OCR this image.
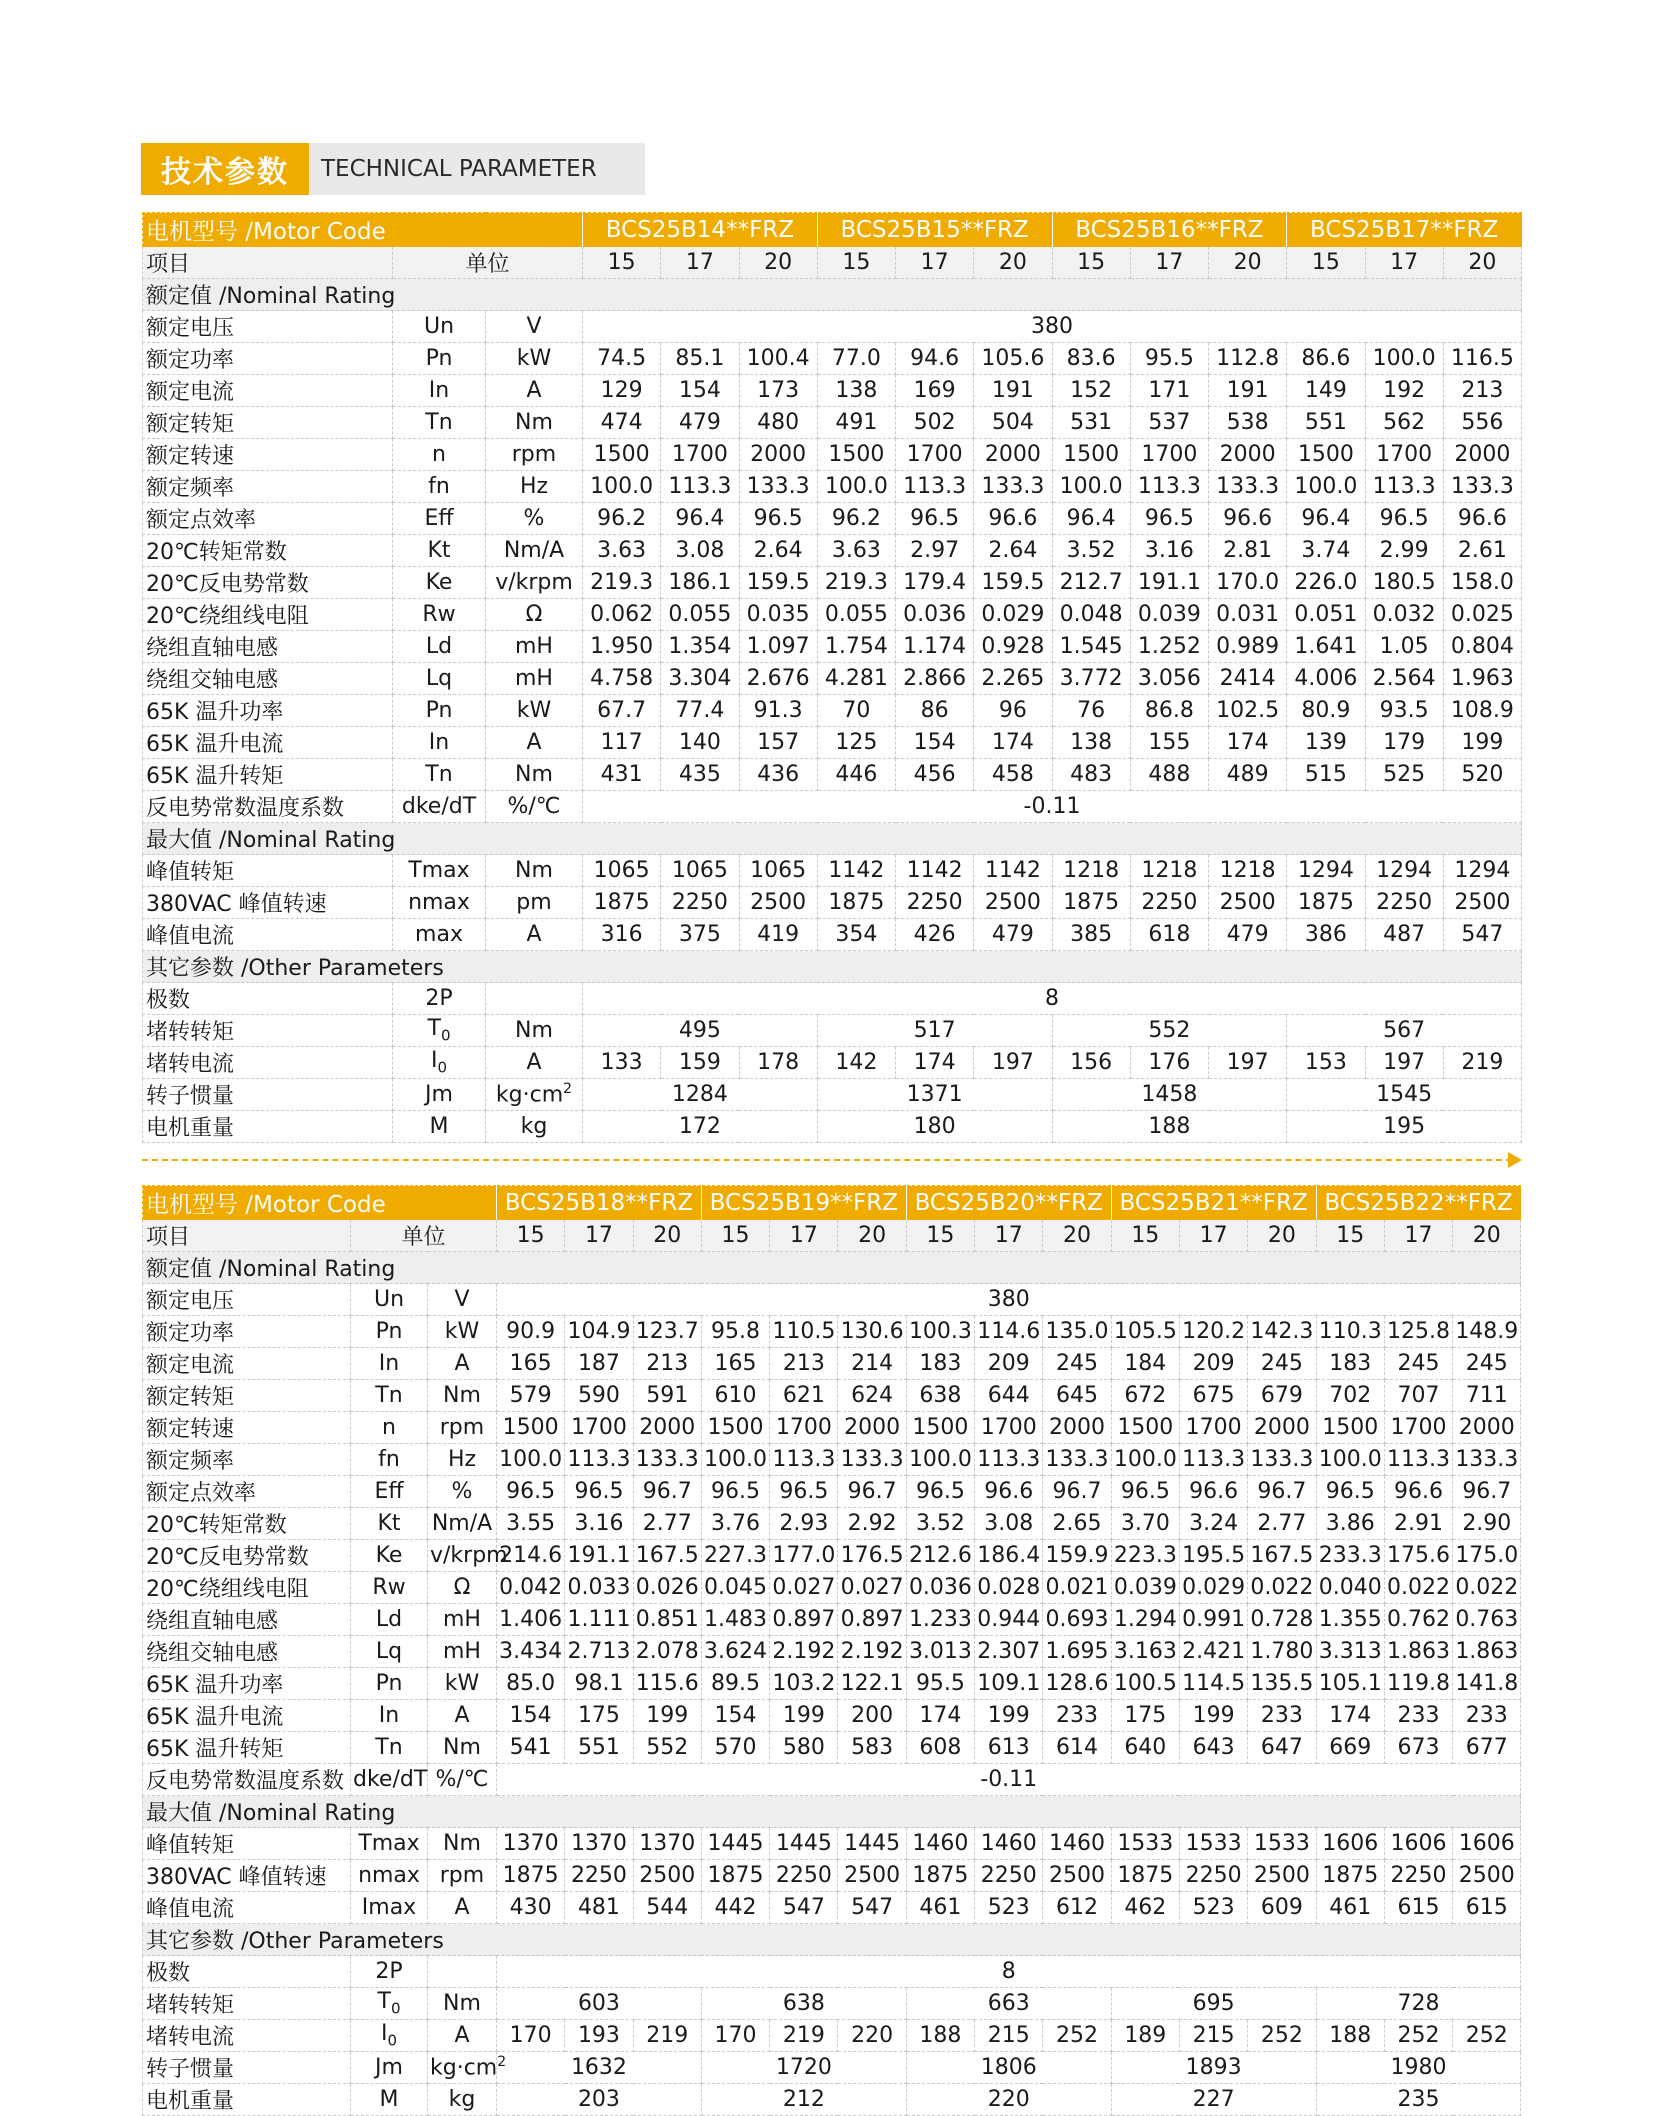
技术参数	TECHNICAL PARAMETER
电机型号 /Motor Code			BCS25B14**FRZ			BCS25B15**FRZ			BCS25B16**FRZ			BCS25B17**FRZ		
项目	单位		15	17	20	15	17	20	15	17	20	15	17	20
额定值 /Nominal Rating														
额定电压	Un	V	380											
额定功率	Pn	kW	74.5	85.1	100.4	77.0	94.6	105.6	83.6	95.5	112.8	86.6	100.0	116.5
额定电流	In	A	129	154	173	138	169	191	152	171	191	149	192	213
额定转矩	Tn	Nm	474	479	480	491	502	504	531	537	538	551	562	556
额定转速	n	rpm	1500	1700	2000	1500	1700	2000	1500	1700	2000	1500	1700	2000
额定频率	fn	Hz	100.0	113.3	133.3	100.0	113.3	133.3	100.0	113.3	133.3	100.0	113.3	133.3
额定点效率	Eff	%	96.2	96.4	96.5	96.2	96.5	96.6	96.4	96.5	96.6	96.4	96.5	96.6
20℃转矩常数	Kt	Nm/A	3.63	3.08	2.64	3.63	2.97	2.64	3.52	3.16	2.81	3.74	2.99	2.61
20℃反电势常数	Ke	v/krpm	219.3	186.1	159.5	219.3	179.4	159.5	212.7	191.1	170.0	226.0	180.5	158.0
20℃绕组线电阻	Rw	Ω	0.062	0.055	0.035	0.055	0.036	0.029	0.048	0.039	0.031	0.051	0.032	0.025
绕组直轴电感	Ld	mH	1.950	1.354	1.097	1.754	1.174	0.928	1.545	1.252	0.989	1.641	1.05	0.804
绕组交轴电感	Lq	mH	4.758	3.304	2.676	4.281	2.866	2.265	3.772	3.056	2414	4.006	2.564	1.963
65K 温升功率	Pn	kW	67.7	77.4	91.3	70	86	96	76	86.8	102.5	80.9	93.5	108.9
65K 温升电流	In	A	117	140	157	125	154	174	138	155	174	139	179	199
65K 温升转矩	Tn	Nm	431	435	436	446	456	458	483	488	489	515	525	520
反电势常数温度系数	dke/dT	%/℃	-0.11											
最大值 /Nominal Rating														
峰值转矩	Tmax	Nm	1065	1065	1065	1142	1142	1142	1218	1218	1218	1294	1294	1294
380VAC 峰值转速	nmax	pm	1875	2250	2500	1875	2250	2500	1875	2250	2500	1875	2250	2500
峰值电流	max	A	316	375	419	354	426	479	385	618	479	386	487	547
其它参数 /Other Parameters														
极数	2P		8											
堵转转矩	$T_0$	Nm	495			517			552			567		
堵转电流	$I_0$	A	133	159	178	142	174	197	156	176	197	153	197	219
转子惯量	Jm	$kg\cdot cm^2$	1284			1371			1458			1545		
电机重量	M	kg	172			180			188			195		
电机型号 /Motor Code			BCS25B18**FRZ			BCS25B19**FRZ			BCS25B20**FRZ			BCS25B21**FRZ			BCS25B22**FRZ		
项目	单位		15	17	20	15	17	20	15	17	20	15	17	20	15	17	20
额定值 /Nominal Rating																	
额定电压	Un	V	380														
额定功率	Pn	kW	90.9	104.9	123.7	95.8	110.5	130.6	100.3	114.6	135.0	105.5	120.2	142.3	110.3	125.8	148.9
额定电流	In	A	165	187	213	165	213	214	183	209	245	184	209	245	183	245	245
额定转矩	Tn	Nm	579	590	591	610	621	624	638	644	645	672	675	679	702	707	711
额定转速	n	rpm	1500	1700	2000	1500	1700	2000	1500	1700	2000	1500	1700	2000	1500	1700	2000
额定频率	fn	Hz	100.0	113.3	133.3	100.0	113.3	133.3	100.0	113.3	133.3	100.0	113.3	133.3	100.0	113.3	133.3
额定点效率	Eff	%	96.5	96.5	96.7	96.5	96.5	96.7	96.5	96.6	96.7	96.5	96.6	96.7	96.5	96.6	96.7
20℃转矩常数	Kt	Nm/A	3.55	3.16	2.77	3.76	2.93	2.92	3.52	3.08	2.65	3.70	3.24	2.77	3.86	2.91	2.90
20℃反电势常数	Ke	v/krpm	214.6	191.1	167.5	227.3	177.0	176.5	212.6	186.4	159.9	223.3	195.5	167.5	233.3	175.6	175.0
20℃绕组线电阻	Rw	Ω	0.042	0.033	0.026	0.045	0.027	0.027	0.036	0.028	0.021	0.039	0.029	0.022	0.040	0.022	0.022
绕组直轴电感	Ld	mH	1.406	1.111	0.851	1.483	0.897	0.897	1.233	0.944	0.693	1.294	0.991	0.728	1.355	0.762	0.763
绕组交轴电感	Lq	mH	3.434	2.713	2.078	3.624	2.192	2.192	3.013	2.307	1.695	3.163	2.421	1.780	3.313	1.863	1.863
65K 温升功率	Pn	kW	85.0	98.1	115.6	89.5	103.2	122.1	95.5	109.1	128.6	100.5	114.5	135.5	105.1	119.8	141.8
65K 温升电流	In	A	154	175	199	154	199	200	174	199	233	175	199	233	174	233	233
65K 温升转矩	Tn	Nm	541	551	552	570	580	583	608	613	614	640	643	647	669	673	677
反电势常数温度系数	dke/dT	%/℃	-0.11														
最大值 /Nominal Rating																	
峰值转矩	Tmax	Nm	1370	1370	1370	1445	1445	1445	1460	1460	1460	1533	1533	1533	1606	1606	1606
380VAC 峰值转速	nmax	rpm	1875	2250	2500	1875	2250	2500	1875	2250	2500	1875	2250	2500	1875	2250	2500
峰值电流	Imax	A	430	481	544	442	547	547	461	523	612	462	523	609	461	615	615
其它参数 /Other Parameters																	
极数	2P		8														
堵转转矩	$T_0$	Nm	603			638			663			695			728		
堵转电流	$I_0$	A	170	193	219	170	219	220	188	215	252	189	215	252	188	252	252
转子惯量	Jm	$kg\cdot cm^2$	1632			1720			1806			1893			1980		
电机重量	M	kg	203			212			220			227			235		
